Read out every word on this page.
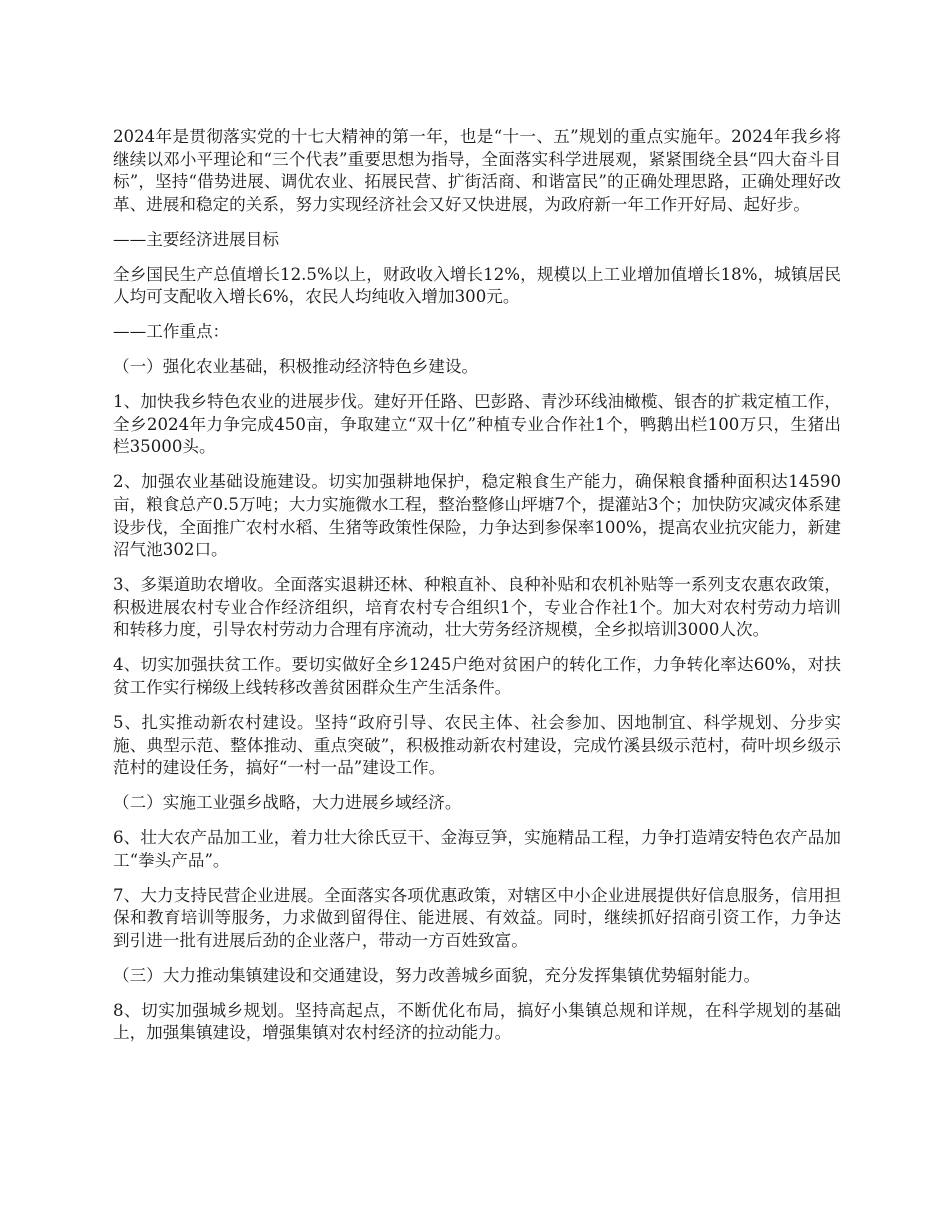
2024年是贯彻落实党的十七大精神的第一年，也是“十一、五”规划的重点实施年。2024年我乡将继续以邓小平理论和“三个代表”重要思想为指导，全面落实科学进展观，紧紧围绕全县“四大奋斗目标”，坚持“借势进展、调优农业、拓展民营、扩街活商、和谐富民”的正确处理思路，正确处理好改革、进展和稳定的关系，努力实现经济社会又好又快进展，为政府新一年工作开好局、起好步。

——主要经济进展目标

全乡国民生产总值增长12.5%以上，财政收入增长12%，规模以上工业增加值增长18%，城镇居民人均可支配收入增长6%，农民人均纯收入增加300元。

——工作重点：

（一）强化农业基础，积极推动经济特色乡建设。

1、加快我乡特色农业的进展步伐。建好开任路、巴彭路、青沙环线油橄榄、银杏的扩栽定植工作，全乡2024年力争完成450亩，争取建立“双十亿”种植专业合作社1个，鸭鹅出栏100万只，生猪出栏35000头。

2、加强农业基础设施建设。切实加强耕地保护，稳定粮食生产能力，确保粮食播种面积达14590亩，粮食总产0.5万吨；大力实施微水工程，整治整修山坪塘7个，提灌站3个；加快防灾减灾体系建设步伐，全面推广农村水稻、生猪等政策性保险，力争达到参保率100%，提高农业抗灾能力，新建沼气池302口。

3、多渠道助农增收。全面落实退耕还林、种粮直补、良种补贴和农机补贴等一系列支农惠农政策，积极进展农村专业合作经济组织，培育农村专合组织1个，专业合作社1个。加大对农村劳动力培训和转移力度，引导农村劳动力合理有序流动，壮大劳务经济规模，全乡拟培训3000人次。

4、切实加强扶贫工作。要切实做好全乡1245户绝对贫困户的转化工作，力争转化率达60%，对扶贫工作实行梯级上线转移改善贫困群众生产生活条件。

5、扎实推动新农村建设。坚持“政府引导、农民主体、社会参加、因地制宜、科学规划、分步实施、典型示范、整体推动、重点突破”，积极推动新农村建设，完成竹溪县级示范村，荷叶坝乡级示范村的建设任务，搞好“一村一品”建设工作。

（二）实施工业强乡战略，大力进展乡域经济。

6、壮大农产品加工业，着力壮大徐氏豆干、金海豆笋，实施精品工程，力争打造靖安特色农产品加工“拳头产品”。

7、大力支持民营企业进展。全面落实各项优惠政策，对辖区中小企业进展提供好信息服务，信用担保和教育培训等服务，力求做到留得住、能进展、有效益。同时，继续抓好招商引资工作，力争达到引进一批有进展后劲的企业落户，带动一方百姓致富。

（三）大力推动集镇建设和交通建设，努力改善城乡面貌，充分发挥集镇优势辐射能力。

8、切实加强城乡规划。坚持高起点，不断优化布局，搞好小集镇总规和详规，在科学规划的基础上，加强集镇建设，增强集镇对农村经济的拉动能力。
